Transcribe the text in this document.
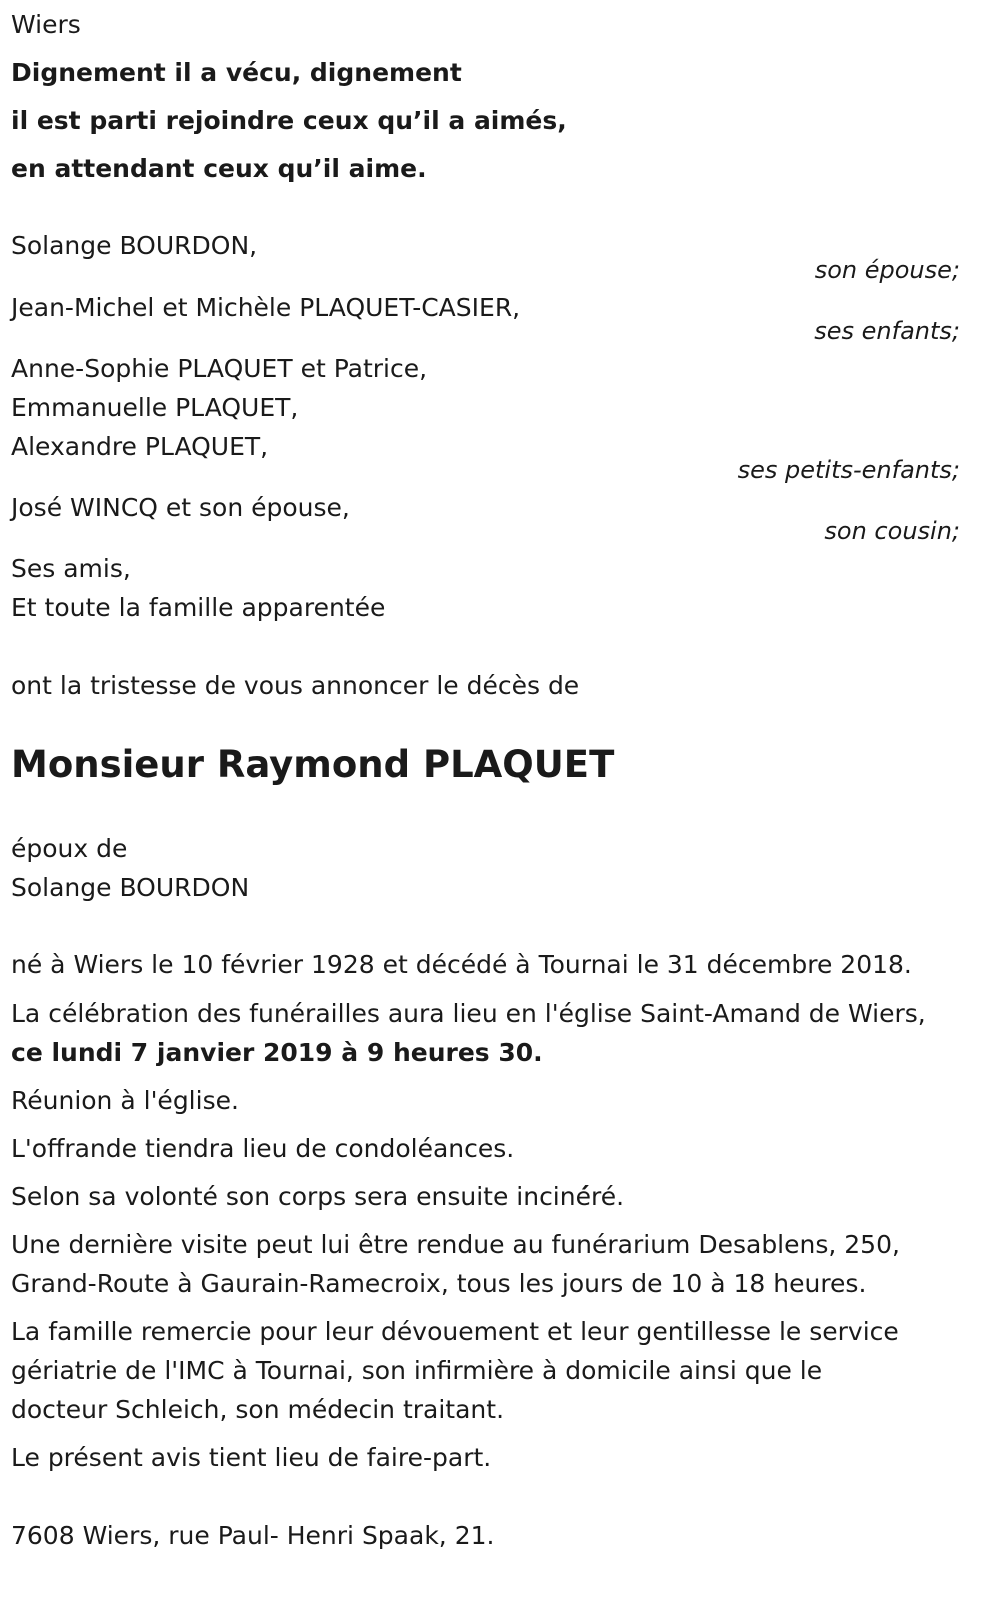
Wiers
Dignement il a vécu, dignement
il est parti rejoindre ceux qu’il a aimés,
en attendant ceux qu’il aime.
Solange BOURDON,
son épouse;
Jean-Michel et Michèle PLAQUET-CASIER,
ses enfants;
Anne-Sophie PLAQUET et Patrice,
Emmanuelle PLAQUET,
Alexandre PLAQUET,
ses petits-enfants;
José WINCQ et son épouse,
son cousin;
Ses amis,
Et toute la famille apparentée
ont la tristesse de vous annoncer le décès de
Monsieur Raymond PLAQUET
époux de
Solange BOURDON
né à Wiers le 10 février 1928 et décédé à Tournai le 31 décembre 2018.
La célébration des funérailles aura lieu en l'église Saint-Amand de Wiers,
ce lundi 7 janvier 2019 à 9 heures 30.
Réunion à l'église.
L'offrande tiendra lieu de condoléances.
Selon sa volonté son corps sera ensuite inciné́ré.
Une dernière visite peut lui être rendue au funérarium Desablens, 250,
Grand-Route à Gaurain-Ramecroix, tous les jours de 10 à 18 heures.
La famille remercie pour leur dévouement et leur gentillesse le service
gériatrie de l'IMC à Tournai, son infirmière à domicile ainsi que le
docteur Schleich, son médecin traitant.
Le présent avis tient lieu de faire-part.
7608 Wiers, rue Paul- Henri Spaak, 21.
